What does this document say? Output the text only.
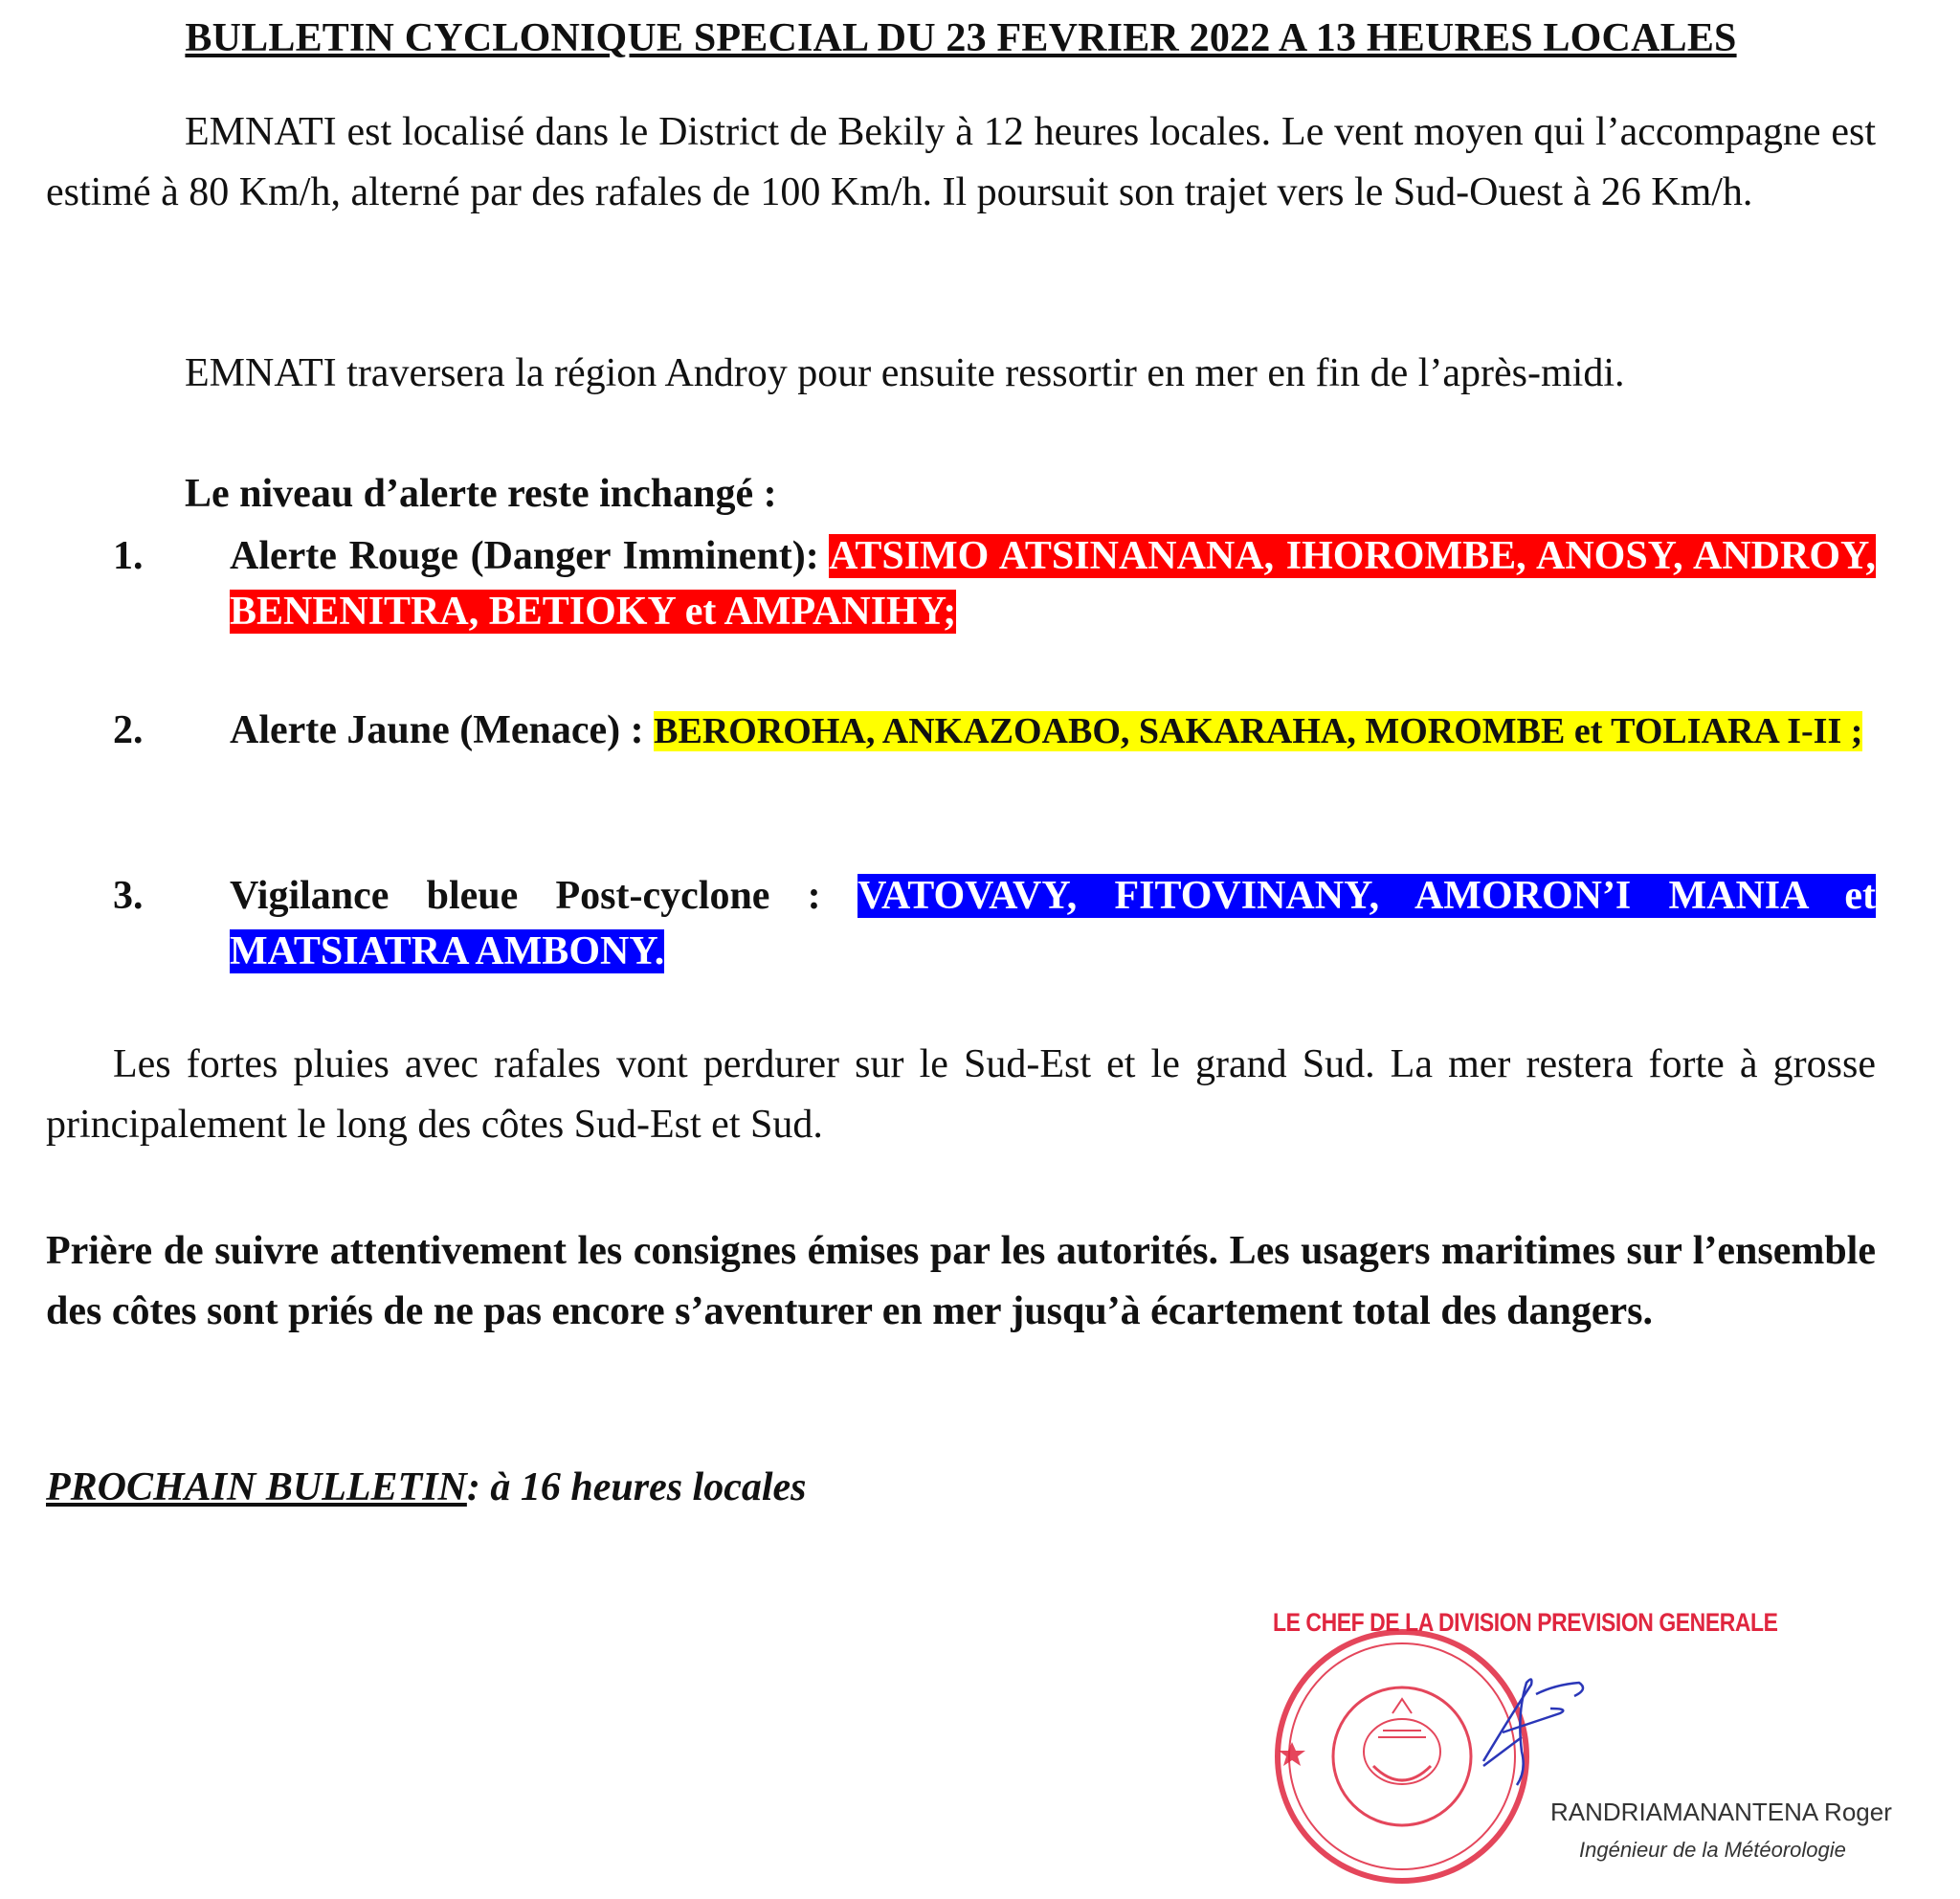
BULLETIN CYCLONIQUE SPECIAL DU 23 FEVRIER 2022 A 13 HEURES LOCALES
EMNATI est localisé dans le District de Bekily à 12 heures locales. Le vent moyen qui l’accompagne est estimé à 80 Km/h, alterné par des rafales de 100 Km/h. Il poursuit son trajet vers le Sud-Ouest à 26 Km/h.
EMNATI traversera la région Androy pour ensuite ressortir en mer en fin de l’après-midi.
Le niveau d’alerte reste inchangé :
1.	Alerte Rouge (Danger Imminent): ATSIMO ATSINANANA, IHOROMBE, ANOSY, ANDROY, BENENITRA, BETIOKY et AMPANIHY;
2.	Alerte Jaune (Menace) : BEROROHA, ANKAZOABO, SAKARAHA, MOROMBE et TOLIARA I-II ;
3.	Vigilance bleue Post-cyclone : VATOVAVY, FITOVINANY, AMORON’I MANIA et MATSIATRA AMBONY.
Les fortes pluies avec rafales vont perdurer sur le Sud-Est et le grand Sud. La mer restera forte à grosse principalement le long des côtes Sud-Est et Sud.
Prière de suivre attentivement les consignes émises par les autorités. Les usagers maritimes sur l’ensemble des côtes sont priés de ne pas encore s’aventurer en mer jusqu’à écartement total des dangers.
PROCHAIN BULLETIN: à 16 heures locales
LE CHEF DE LA DIVISION PREVISION GENERALE
RANDRIAMANANTENA Roger
Ingénieur de la Météorologie
